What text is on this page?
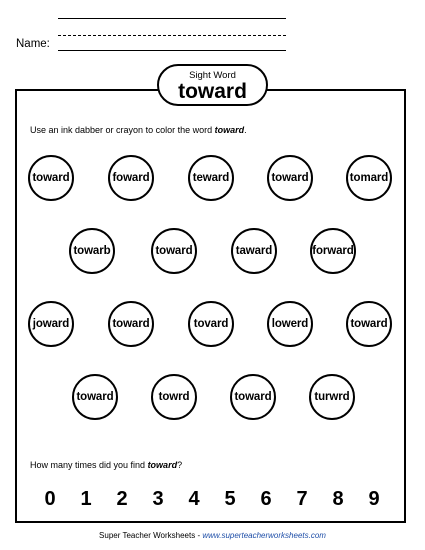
Name:
Sight Word
toward
Use an ink dabber or crayon to color the word toward.
toward	foward	teward	toward	tomard
towarb	toward	taward	forward
joward	toward	tovard	lowerd	toward
toward	towrd	toward	turwrd
How many times did you find toward?
0 1 2 3 4 5 6 7 8 9
Super Teacher Worksheets - www.superteacherworksheets.com
